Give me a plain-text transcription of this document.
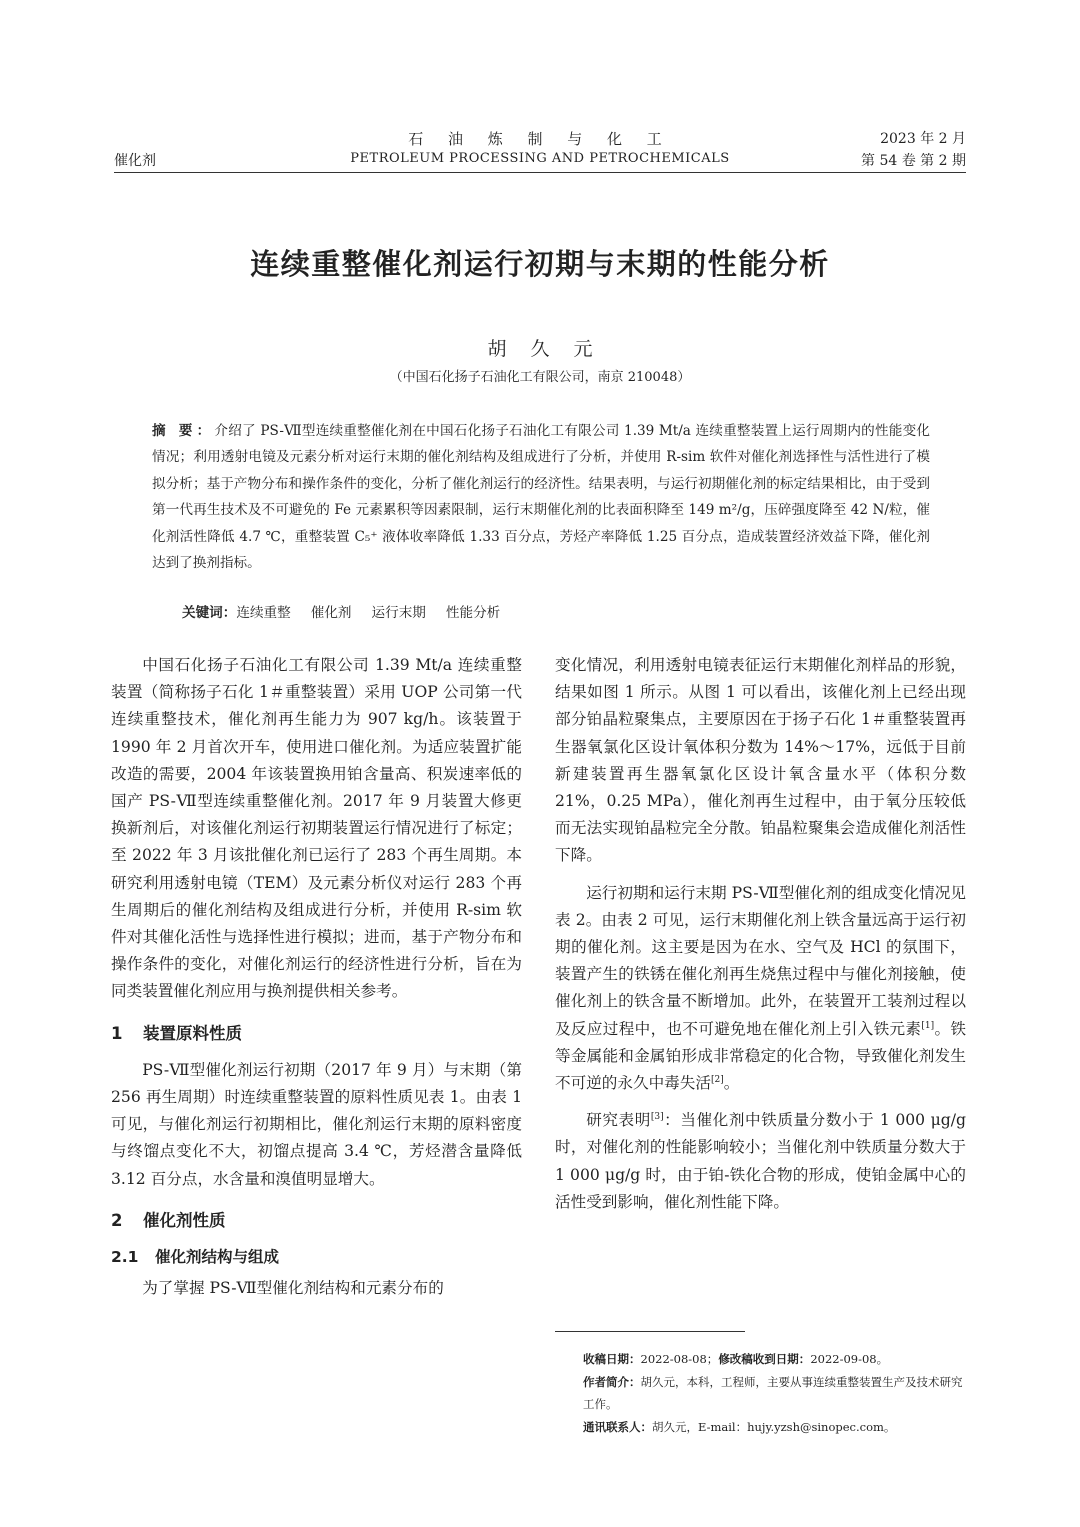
催化剂
石 油 炼 制 与 化 工
PETROLEUM PROCESSING AND PETROCHEMICALS
2023 年 2 月
第 54 卷 第 2 期
连续重整催化剂运行初期与末期的性能分析
胡久元
（中国石化扬子石油化工有限公司，南京 210048）
摘 要：介绍了 PS-Ⅶ型连续重整催化剂在中国石化扬子石油化工有限公司 1.39 Mt/a 连续重整装置上运行周期内的性能变化情况；利用透射电镜及元素分析对运行末期的催化剂结构及组成进行了分析，并使用 R-sim 软件对催化剂选择性与活性进行了模拟分析；基于产物分布和操作条件的变化，分析了催化剂运行的经济性。结果表明，与运行初期催化剂的标定结果相比，由于受到第一代再生技术及不可避免的 Fe 元素累积等因素限制，运行末期催化剂的比表面积降至 149 m²/g，压碎强度降至 42 N/粒，催化剂活性降低 4.7 ℃，重整装置 C₅⁺ 液体收率降低 1.33 百分点，芳烃产率降低 1.25 百分点，造成装置经济效益下降，催化剂达到了换剂指标。
关键词：连续重整 催化剂 运行末期 性能分析

中国石化扬子石油化工有限公司 1.39 Mt/a 连续重整装置（简称扬子石化 1＃重整装置）采用 UOP 公司第一代连续重整技术，催化剂再生能力为 907 kg/h。该装置于 1990 年 2 月首次开车，使用进口催化剂。为适应装置扩能改造的需要，2004 年该装置换用铂含量高、积炭速率低的国产 PS-Ⅶ型连续重整催化剂。2017 年 9 月装置大修更换新剂后，对该催化剂运行初期装置运行情况进行了标定；至 2022 年 3 月该批催化剂已运行了 283 个再生周期。本研究利用透射电镜（TEM）及元素分析仪对运行 283 个再生周期后的催化剂结构及组成进行分析，并使用 R-sim 软件对其催化活性与选择性进行模拟；进而，基于产物分布和操作条件的变化，对催化剂运行的经济性进行分析，旨在为同类装置催化剂应用与换剂提供相关参考。

1 装置原料性质

PS-Ⅶ型催化剂运行初期（2017 年 9 月）与末期（第 256 再生周期）时连续重整装置的原料性质见表 1。由表 1 可见，与催化剂运行初期相比，催化剂运行末期的原料密度与终馏点变化不大，初馏点提高 3.4 ℃，芳烃潜含量降低 3.12 百分点，水含量和溴值明显增大。

2 催化剂性质
2.1 催化剂结构与组成

为了掌握 PS-Ⅶ型催化剂结构和元素分布的

变化情况，利用透射电镜表征运行末期催化剂样品的形貌，结果如图 1 所示。从图 1 可以看出，该催化剂上已经出现部分铂晶粒聚集点，主要原因在于扬子石化 1＃重整装置再生器氧氯化区设计氧体积分数为 14%～17%，远低于目前新建装置再生器氧氯化区设计氧含量水平（体积分数 21%，0.25 MPa），催化剂再生过程中，由于氧分压较低而无法实现铂晶粒完全分散。铂晶粒聚集会造成催化剂活性下降。

运行初期和运行末期 PS-Ⅶ型催化剂的组成变化情况见表 2。由表 2 可见，运行末期催化剂上铁含量远高于运行初期的催化剂。这主要是因为在水、空气及 HCl 的氛围下，装置产生的铁锈在催化剂再生烧焦过程中与催化剂接触，使催化剂上的铁含量不断增加。此外，在装置开工装剂过程以及反应过程中，也不可避免地在催化剂上引入铁元素[1]。铁等金属能和金属铂形成非常稳定的化合物，导致催化剂发生不可逆的永久中毒失活[2]。

研究表明[3]：当催化剂中铁质量分数小于 1 000 μg/g 时，对催化剂的性能影响较小；当催化剂中铁质量分数大于 1 000 μg/g 时，由于铂-铁化合物的形成，使铂金属中心的活性受到影响，催化剂性能下降。

收稿日期：2022-08-08；修改稿收到日期：2022-09-08。
作者简介：胡久元，本科，工程师，主要从事连续重整装置生产及技术研究工作。
通讯联系人：胡久元，E-mail：hujy.yzsh@sinopec.com。
